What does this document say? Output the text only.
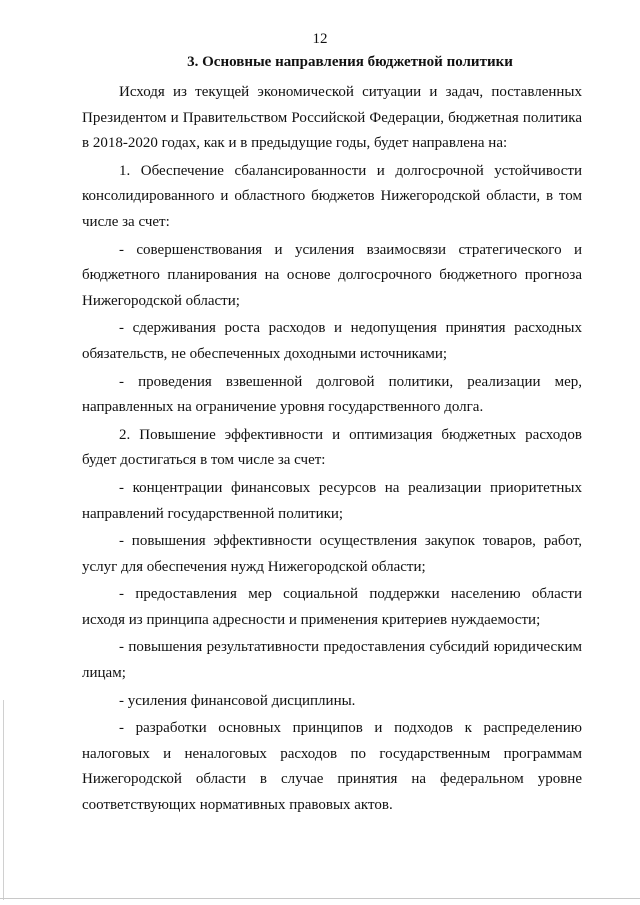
12
3. Основные направления бюджетной политики

Исходя из текущей экономической ситуации и задач, поставленных Президентом и Правительством Российской Федерации, бюджетная политика в 2018-2020 годах, как и в предыдущие годы, будет направлена на:

1. Обеспечение сбалансированности и долгосрочной устойчивости консолидированного и областного бюджетов Нижегородской области, в том числе за счет:

- совершенствования и усиления взаимосвязи стратегического и бюджетного планирования на основе долгосрочного бюджетного прогноза Нижегородской области;

- сдерживания роста расходов и недопущения принятия расходных обязательств, не обеспеченных доходными источниками;

- проведения взвешенной долговой политики, реализации мер, направленных на ограничение уровня государственного долга.

2. Повышение эффективности и оптимизация бюджетных расходов будет достигаться в том числе за счет:

- концентрации финансовых ресурсов на реализации приоритетных направлений государственной политики;

- повышения эффективности осуществления закупок товаров, работ, услуг для обеспечения нужд Нижегородской области;

- предоставления мер социальной поддержки населению области исходя из принципа адресности и применения критериев нуждаемости;

- повышения результативности предоставления субсидий юридическим лицам;

- усиления финансовой дисциплины.

- разработки основных принципов и подходов к распределению налоговых и неналоговых расходов по государственным программам Нижегородской области в случае принятия на федеральном уровне соответствующих нормативных правовых актов.
